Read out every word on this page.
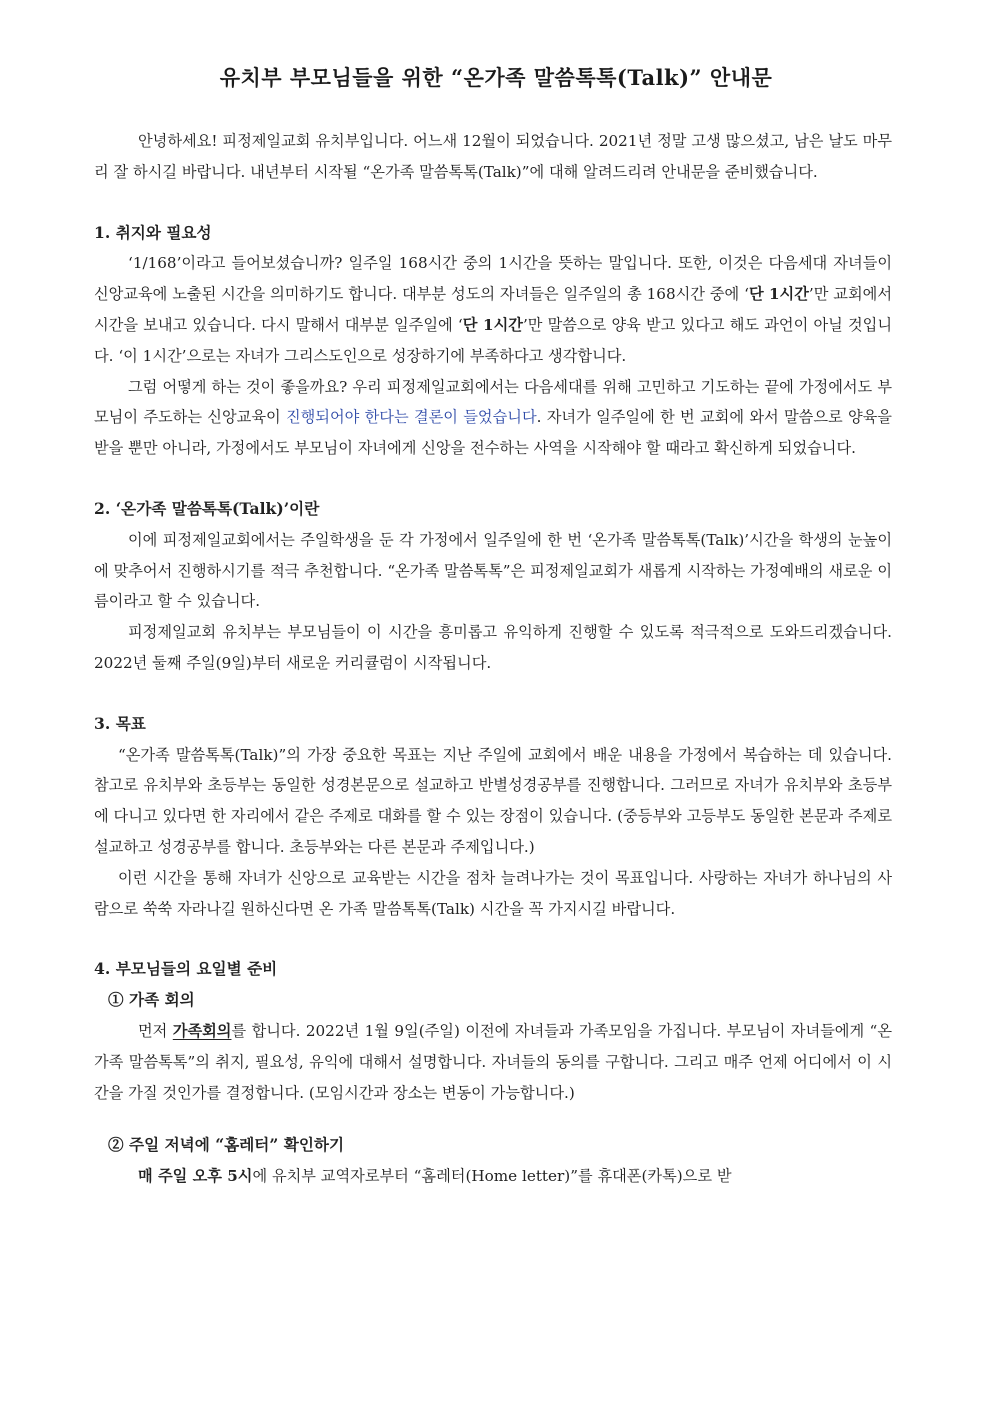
유치부 부모님들을 위한 “온가족 말씀톡톡(Talk)” 안내문

안녕하세요! 피정제일교회 유치부입니다. 어느새 12월이 되었습니다. 2021년 정말 고생 많으셨고, 남은 날도 마무리 잘 하시길 바랍니다. 내년부터 시작될 “온가족 말씀톡톡(Talk)”에 대해 알려드리려 안내문을 준비했습니다.

1. 취지와 필요성

‘1/168’이라고 들어보셨습니까? 일주일 168시간 중의 1시간을 뜻하는 말입니다. 또한, 이것은 다음세대 자녀들이 신앙교육에 노출된 시간을 의미하기도 합니다. 대부분 성도의 자녀들은 일주일의 총 168시간 중에 ‘단 1시간’만 교회에서 시간을 보내고 있습니다. 다시 말해서 대부분 일주일에 ‘단 1시간’만 말씀으로 양육 받고 있다고 해도 과언이 아닐 것입니다. ‘이 1시간’으로는 자녀가 그리스도인으로 성장하기에 부족하다고 생각합니다.

그럼 어떻게 하는 것이 좋을까요? 우리 피정제일교회에서는 다음세대를 위해 고민하고 기도하는 끝에 가정에서도 부모님이 주도하는 신앙교육이 진행되어야 한다는 결론이 들었습니다. 자녀가 일주일에 한 번 교회에 와서 말씀으로 양육을 받을 뿐만 아니라, 가정에서도 부모님이 자녀에게 신앙을 전수하는 사역을 시작해야 할 때라고 확신하게 되었습니다.

2. ‘온가족 말씀톡톡(Talk)’이란

이에 피정제일교회에서는 주일학생을 둔 각 가정에서 일주일에 한 번 ‘온가족 말씀톡톡(Talk)’시간을 학생의 눈높이에 맞추어서 진행하시기를 적극 추천합니다. “온가족 말씀톡톡”은 피정제일교회가 새롭게 시작하는 가정예배의 새로운 이름이라고 할 수 있습니다.

피정제일교회 유치부는 부모님들이 이 시간을 흥미롭고 유익하게 진행할 수 있도록 적극적으로 도와드리겠습니다. 2022년 둘째 주일(9일)부터 새로운 커리큘럼이 시작됩니다.

3. 목표

“온가족 말씀톡톡(Talk)”의 가장 중요한 목표는 지난 주일에 교회에서 배운 내용을 가정에서 복습하는 데 있습니다. 참고로 유치부와 초등부는 동일한 성경본문으로 설교하고 반별성경공부를 진행합니다. 그러므로 자녀가 유치부와 초등부에 다니고 있다면 한 자리에서 같은 주제로 대화를 할 수 있는 장점이 있습니다. (중등부와 고등부도 동일한 본문과 주제로 설교하고 성경공부를 합니다. 초등부와는 다른 본문과 주제입니다.)

이런 시간을 통해 자녀가 신앙으로 교육받는 시간을 점차 늘려나가는 것이 목표입니다. 사랑하는 자녀가 하나님의 사람으로 쑥쑥 자라나길 원하신다면 온 가족 말씀톡톡(Talk) 시간을 꼭 가지시길 바랍니다.

4. 부모님들의 요일별 준비

① 가족 회의

먼저 가족회의를 합니다. 2022년 1월 9일(주일) 이전에 자녀들과 가족모임을 가집니다. 부모님이 자녀들에게 “온가족 말씀톡톡”의 취지, 필요성, 유익에 대해서 설명합니다. 자녀들의 동의를 구합니다. 그리고 매주 언제 어디에서 이 시간을 가질 것인가를 결정합니다. (모임시간과 장소는 변동이 가능합니다.)

② 주일 저녁에 “홈레터” 확인하기

매 주일 오후 5시에 유치부 교역자로부터 “홈레터(Home letter)”를 휴대폰(카톡)으로 받
